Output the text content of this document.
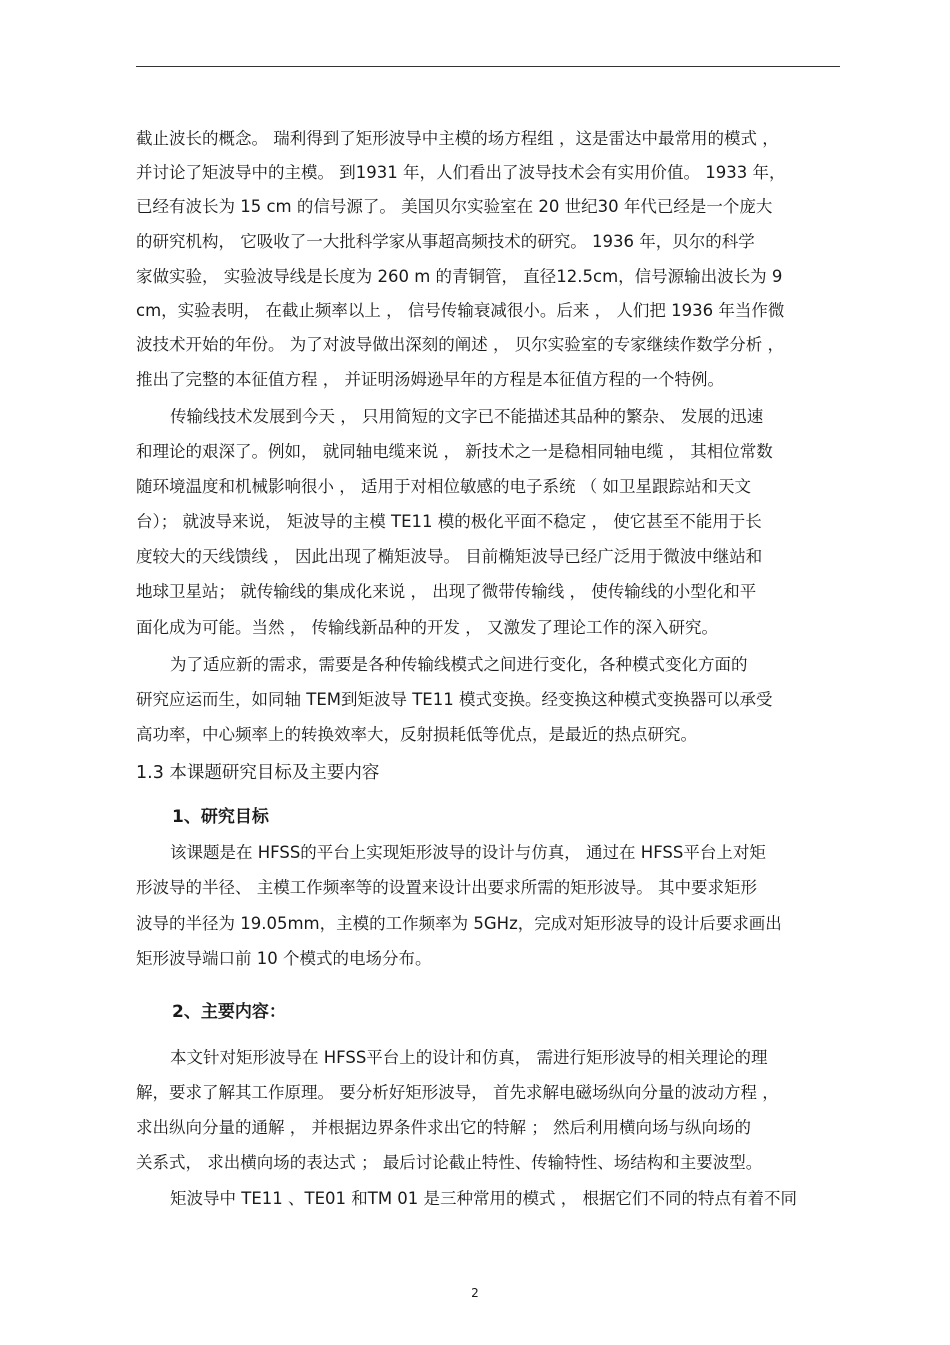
截止波长的概念。 瑞利得到了矩形波导中主模的场方程组 ，这是雷达中最常用的模式 ，
并讨论了矩波导中的主模。 到1931 年，人们看出了波导技术会有实用价值。 1933 年，
已经有波长为 15 cm 的信号源了。 美国贝尔实验室在 20 世纪30 年代已经是一个庞大
的研究机构， 它吸收了一大批科学家从事超高频技术的研究。 1936 年，贝尔的科学
家做实验， 实验波导线是长度为 260 m 的青铜管， 直径12.5cm，信号源输出波长为 9
cm，实验表明， 在截止频率以上 ， 信号传输衰减很小。后来 ， 人们把 1936 年当作微
波技术开始的年份。 为了对波导做出深刻的阐述 ， 贝尔实验室的专家继续作数学分析 ，
推出了完整的本征值方程 ， 并证明汤姆逊早年的方程是本征值方程的一个特例。
传输线技术发展到今天 ， 只用简短的文字已不能描述其品种的繁杂、 发展的迅速
和理论的艰深了。例如， 就同轴电缆来说 ， 新技术之一是稳相同轴电缆 ， 其相位常数
随环境温度和机械影响很小 ， 适用于对相位敏感的电子系统 （ 如卫星跟踪站和天文
台）； 就波导来说， 矩波导的主模 TE11 模的极化平面不稳定 ， 使它甚至不能用于长
度较大的天线馈线 ， 因此出现了椭矩波导。 目前椭矩波导已经广泛用于微波中继站和
地球卫星站； 就传输线的集成化来说 ， 出现了微带传输线 ， 使传输线的小型化和平
面化成为可能。当然 ， 传输线新品种的开发 ， 又激发了理论工作的深入研究。
为了适应新的需求，需要是各种传输线模式之间进行变化，各种模式变化方面的
研究应运而生，如同轴 TEM到矩波导 TE11 模式变换。经变换这种模式变换器可以承受
高功率，中心频率上的转换效率大，反射损耗低等优点，是最近的热点研究。
1.3 本课题研究目标及主要内容
1、研究目标
该课题是在 HFSS的平台上实现矩形波导的设计与仿真， 通过在 HFSS平台上对矩
形波导的半径、 主模工作频率等的设置来设计出要求所需的矩形波导。 其中要求矩形
波导的半径为 19.05mm，主模的工作频率为 5GHz，完成对矩形波导的设计后要求画出
矩形波导端口前 10 个模式的电场分布。
2、主要内容：
本文针对矩形波导在 HFSS平台上的设计和仿真， 需进行矩形波导的相关理论的理
解，要求了解其工作原理。 要分析好矩形波导， 首先求解电磁场纵向分量的波动方程 ，
求出纵向分量的通解 ， 并根据边界条件求出它的特解 ； 然后利用横向场与纵向场的
关系式， 求出横向场的表达式 ； 最后讨论截止特性、传输特性、场结构和主要波型。
矩波导中 TE11 、TE01 和TM 01 是三种常用的模式 ， 根据它们不同的特点有着不同
2
